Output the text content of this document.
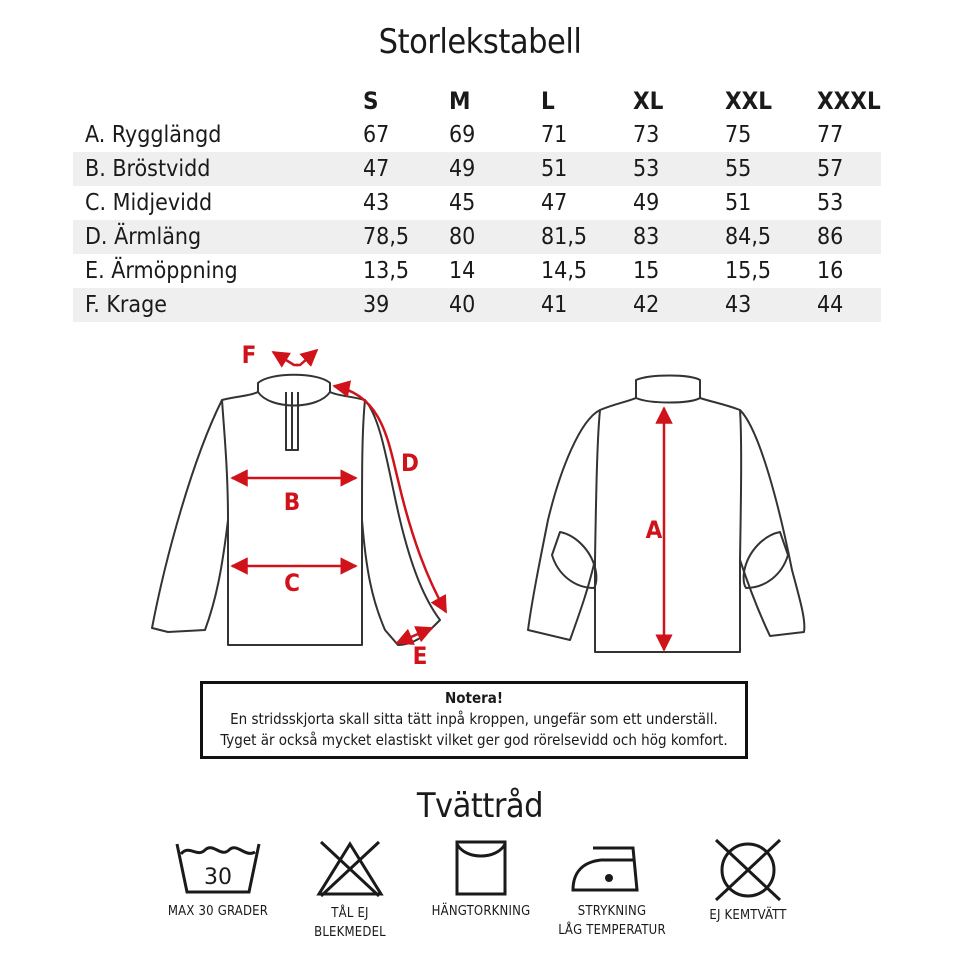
Storlekstabell
	S	M	L	XL	XXL	XXXL
A. Rygglängd	67	69	71	73	75	77
B. Bröstvidd	47	49	51	53	55	57
C. Midjevidd	43	45	47	49	51	53
D. Ärmläng	78,5	80	81,5	83	84,5	86
E. Ärmöppning	13,5	14	14,5	15	15,5	16
F. Krage	39	40	41	42	43	44
B
C
D
E
F
A
Notera!
En stridsskjorta skall sitta tätt inpå kroppen, ungefär som ett underställ.
Tyget är också mycket elastiskt vilket ger god rörelsevidd och hög komfort.
Tvättråd
30
MAX 30 GRADER	TÅL EJ
BLEKMEDEL
HÄNGTORKNING	STRYKNING
LÅG TEMPERATUR
EJ KEMTVÄTT
